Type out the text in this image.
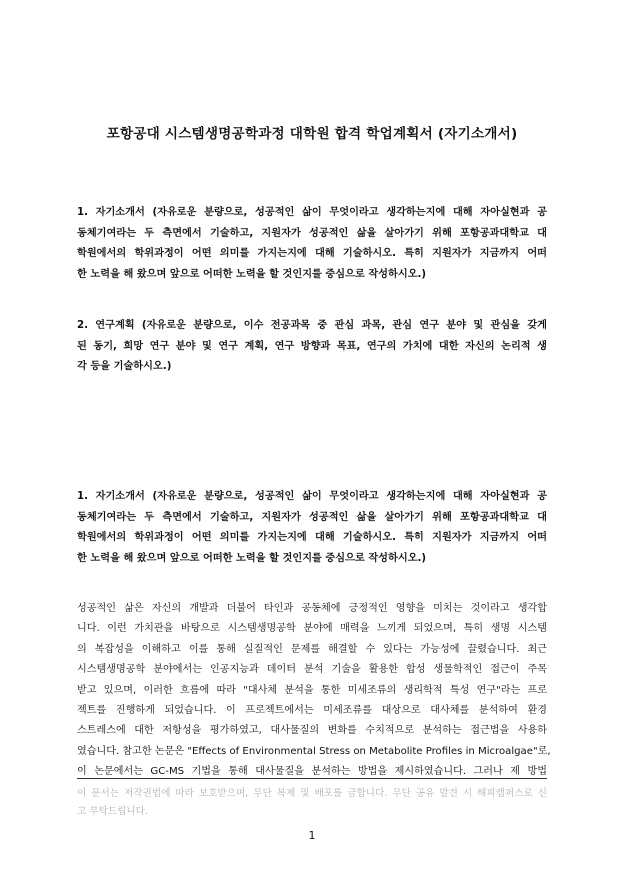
포항공대 시스템생명공학과정 대학원 합격 학업계획서 (자기소개서)
1. 자기소개서 (자유로운 분량으로, 성공적인 삶이 무엇이라고 생각하는지에 대해 자아실현과 공
동체기여라는 두 측면에서 기술하고, 지원자가 성공적인 삶을 살아가기 위해 포항공과대학교 대
학원에서의 학위과정이 어떤 의미를 가지는지에 대해 기술하시오. 특히 지원자가 지금까지 어떠
한 노력을 해 왔으며 앞으로 어떠한 노력을 할 것인지를 중심으로 작성하시오.)
2. 연구계획 (자유로운 분량으로, 이수 전공과목 중 관심 과목, 관심 연구 분야 및 관심을 갖게
된 동기, 희망 연구 분야 및 연구 계획, 연구 방향과 목표, 연구의 가치에 대한 자신의 논리적 생
각 등을 기술하시오.)
1. 자기소개서 (자유로운 분량으로, 성공적인 삶이 무엇이라고 생각하는지에 대해 자아실현과 공
동체기여라는 두 측면에서 기술하고, 지원자가 성공적인 삶을 살아가기 위해 포항공과대학교 대
학원에서의 학위과정이 어떤 의미를 가지는지에 대해 기술하시오. 특히 지원자가 지금까지 어떠
한 노력을 해 왔으며 앞으로 어떠한 노력을 할 것인지를 중심으로 작성하시오.)
성공적인 삶은 자신의 개발과 더불어 타인과 공동체에 긍정적인 영향을 미치는 것이라고 생각합
니다. 이런 가치관을 바탕으로 시스템생명공학 분야에 매력을 느끼게 되었으며, 특히 생명 시스템
의 복잡성을 이해하고 이를 통해 실질적인 문제를 해결할 수 있다는 가능성에 끌렸습니다. 최근
시스템생명공학 분야에서는 인공지능과 데이터 분석 기술을 활용한 합성 생물학적인 접근이 주목
받고 있으며, 이러한 흐름에 따라 "대사체 분석을 통한 미세조류의 생리학적 특성 연구"라는 프로
젝트를 진행하게 되었습니다. 이 프로젝트에서는 미세조류를 대상으로 대사체를 분석하여 환경
스트레스에 대한 저항성을 평가하였고, 대사물질의 변화를 수치적으로 분석하는 접근법을 사용하
였습니다. 참고한 논문은 "Effects of Environmental Stress on Metabolite Profiles in Microalgae"로,
이 논문에서는 GC-MS 기법을 통해 대사물질을 분석하는 방법을 제시하였습니다. 그러나 제 방법
이 문서는 저작권법에 따라 보호받으며, 무단 복제 및 배포를 금합니다. 무단 공유 발견 시 해피캠퍼스로 신
고 부탁드립니다.
1
